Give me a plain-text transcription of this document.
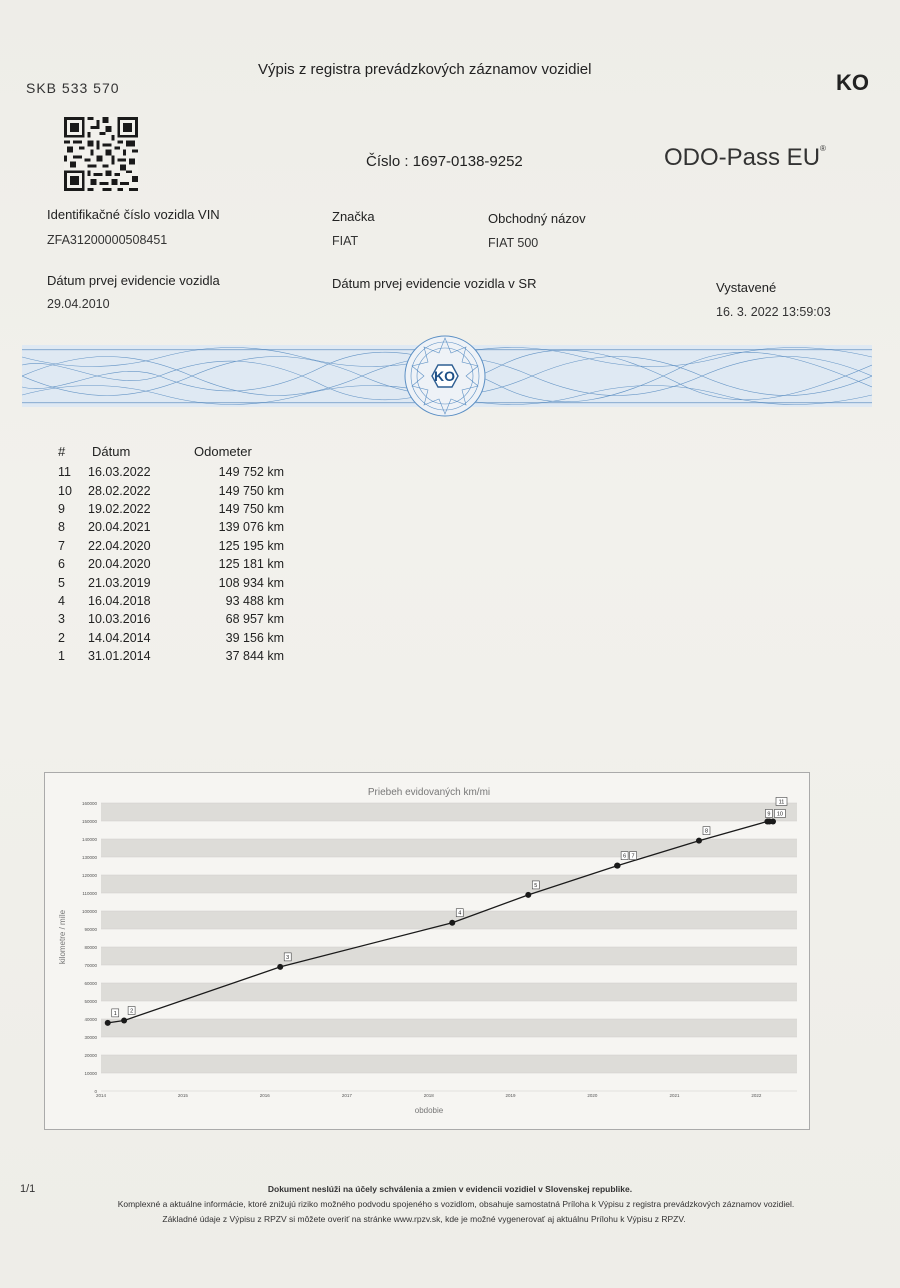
SKB 533 570
Výpis z registra prevádzkových záznamov vozidiel
KO
Číslo : 1697-0138-9252	ODO-Pass EU®
Identifikačné číslo vozidla VIN
ZFA31200000508451
Značka
FIAT
Obchodný názov
FIAT 500
Dátum prvej evidencie vozidla
29.04.2010
Dátum prvej evidencie vozidla v SR	Vystavené
16. 3. 2022 13:59:03
KO
#	Dátum	Odometer
11	16.03.2022	149 752 km
10	28.02.2022	149 750 km
9	19.02.2022	149 750 km
8	20.04.2021	139 076 km
7	22.04.2020	125 195 km
6	20.04.2020	125 181 km
5	21.03.2019	108 934 km
4	16.04.2018	93 488 km
3	10.03.2016	68 957 km
2	14.04.2014	39 156 km
1	31.01.2014	37 844 km
0
10000
20000
30000
40000
50000
60000
70000
80000
90000
100000
110000
120000
130000
140000
150000
160000
2014	2015	2016	2017	2018	2019	2020	2021	2022
Priebeh evidovaných km/mi
obdobie
kilometre / míle
1 2
3
4
5
6 7
8
9 10
11
1/1	Dokument neslúži na účely schválenia a zmien v evidencii vozidiel v Slovenskej republike.
Komplexné a aktuálne informácie, ktoré znižujú riziko možného podvodu spojeného s vozidlom, obsahuje samostatná Príloha k Výpisu z registra prevádzkových záznamov vozidiel.
Základné údaje z Výpisu z RPZV si môžete overiť na stránke www.rpzv.sk, kde je možné vygenerovať aj aktuálnu Prílohu k Výpisu z RPZV.
